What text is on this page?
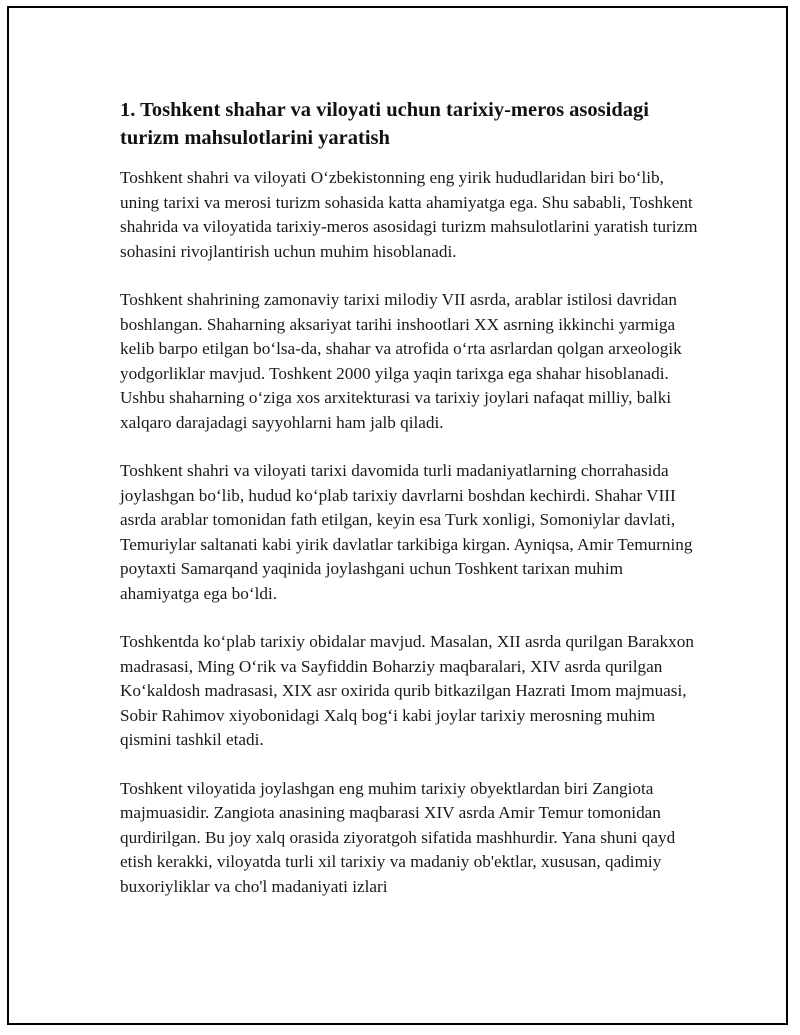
1. Toshkent shahar va viloyati uchun tarixiy-meros asosidagi turizm mahsulotlarini yaratish

Toshkent shahri va viloyati O‘zbekistonning eng yirik hududlaridan biri bo‘lib, uning tarixi va merosi turizm sohasida katta ahamiyatga ega. Shu sababli, Toshkent shahrida va viloyatida tarixiy-meros asosidagi turizm mahsulotlarini yaratish turizm sohasini rivojlantirish uchun muhim hisoblanadi.

Toshkent shahrining zamonaviy tarixi milodiy VII asrda, arablar istilosi davridan boshlangan. Shaharning aksariyat tarihi inshootlari XX asrning ikkinchi yarmiga kelib barpo etilgan bo‘lsa-da, shahar va atrofida o‘rta asrlardan qolgan arxeologik yodgorliklar mavjud. Toshkent 2000 yilga yaqin tarixga ega shahar hisoblanadi. Ushbu shaharning o‘ziga xos arxitekturasi va tarixiy joylari nafaqat milliy, balki xalqaro darajadagi sayyohlarni ham jalb qiladi.

Toshkent shahri va viloyati tarixi davomida turli madaniyatlarning chorrahasida joylashgan bo‘lib, hudud ko‘plab tarixiy davrlarni boshdan kechirdi. Shahar VIII asrda arablar tomonidan fath etilgan, keyin esa Turk xonligi, Somoniylar davlati, Temuriylar saltanati kabi yirik davlatlar tarkibiga kirgan. Ayniqsa, Amir Temurning poytaxti Samarqand yaqinida joylashgani uchun Toshkent tarixan muhim ahamiyatga ega bo‘ldi.

Toshkentda ko‘plab tarixiy obidalar mavjud. Masalan, XII asrda qurilgan Barakxon madrasasi, Ming O‘rik va Sayfiddin Boharziy maqbaralari, XIV asrda qurilgan Ko‘kaldosh madrasasi, XIX asr oxirida qurib bitkazilgan Hazrati Imom majmuasi, Sobir Rahimov xiyobonidagi Xalq bog‘i kabi joylar tarixiy merosning muhim qismini tashkil etadi.

Toshkent viloyatida joylashgan eng muhim tarixiy obyektlardan biri Zangiota majmuasidir. Zangiota anasining maqbarasi XIV asrda Amir Temur tomonidan qurdirilgan. Bu joy xalq orasida ziyoratgoh sifatida mashhurdir. Yana shuni qayd etish kerakki, viloyatda turli xil tarixiy va madaniy ob'ektlar, xususan, qadimiy buxoriyliklar va cho'l madaniyati izlari
